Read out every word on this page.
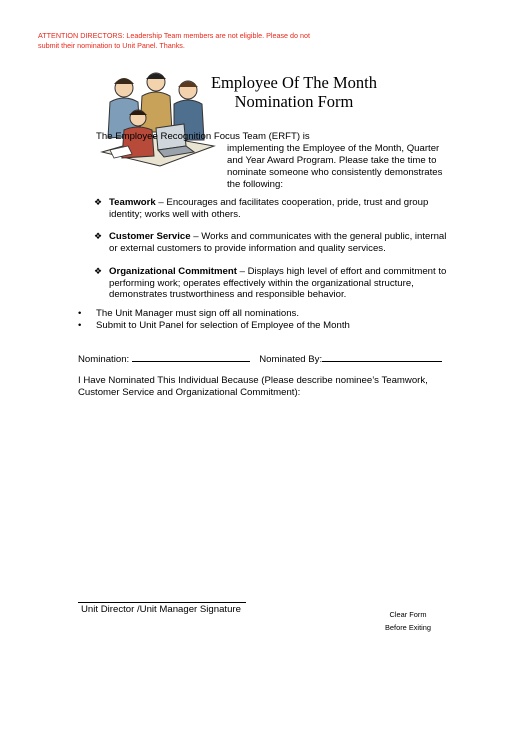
ATTENTION DIRECTORS: Leadership Team members are not eligible. Please do not submit their nomination to Unit Panel. Thanks.
Employee Of The Month
Nomination Form
The Employee Recognition Focus Team (ERFT) is
implementing the Employee of the Month, Quarter and Year Award Program. Please take the time to nominate someone who consistently demonstrates the following:
❖ Teamwork – Encourages and facilitates cooperation, pride, trust and group identity; works well with others.
❖ Customer Service – Works and communicates with the general public, internal or external customers to provide information and quality services.
❖ Organizational Commitment – Displays high level of effort and commitment to performing work; operates effectively within the organizational structure, demonstrates trustworthiness and responsible behavior.
• The Unit Manager must sign off all nominations.
• Submit to Unit Panel for selection of Employee of the Month
Nomination:	Nominated By:
I Have Nominated This Individual Because (Please describe nominee’s Teamwork, Customer Service and Organizational Commitment):
Unit Director /Unit Manager Signature	Clear Form
Before Exiting
